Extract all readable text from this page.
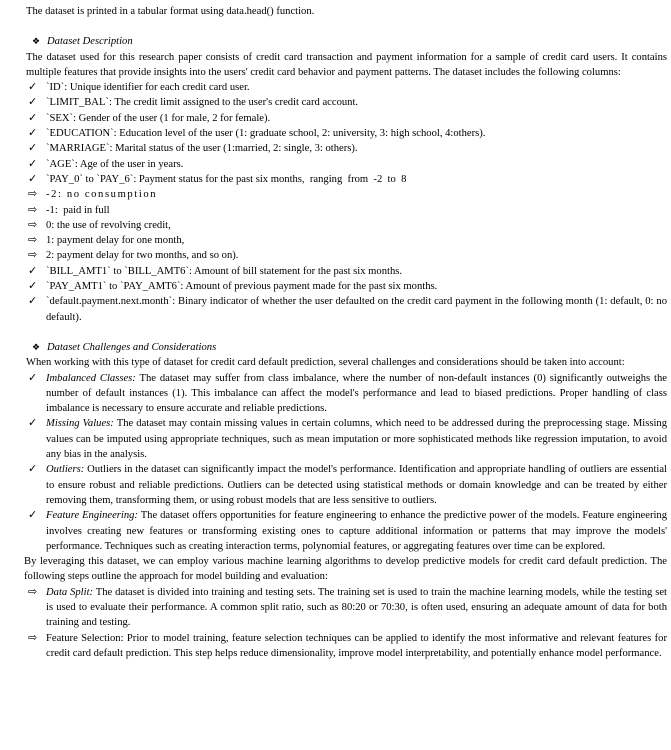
The dataset is printed in a tabular format using data.head() function.

❖ Dataset Description

The dataset used for this research paper consists of credit card transaction and payment information for a sample of credit card users. It contains multiple features that provide insights into the users' credit card behavior and payment patterns. The dataset includes the following columns:

✓ `ID`: Unique identifier for each credit card user.
✓ `LIMIT_BAL`: The credit limit assigned to the user's credit card account.
✓ `SEX`: Gender of the user (1 for male, 2 for female).
✓ `EDUCATION`: Education level of the user (1: graduate school, 2: university, 3: high school, 4:others).
✓ `MARRIAGE`: Marital status of the user (1:married, 2: single, 3: others).
✓ `AGE`: Age of the user in years.
✓ `PAY_0` to `PAY_6`: Payment status for the past six months,  ranging  from  -2  to  8
⇨ -2: no consumption
⇨ -1:  paid in full
⇨ 0: the use of revolving credit,
⇨ 1: payment delay for one month,
⇨ 2: payment delay for two months, and so on).
✓ `BILL_AMT1` to `BILL_AMT6`: Amount of bill statement for the past six months.
✓ `PAY_AMT1` to `PAY_AMT6`: Amount of previous payment made for the past six months.
✓ `default.payment.next.month`: Binary indicator of whether the user defaulted on the credit card payment in the following month (1: default, 0: no default).
❖ Dataset Challenges and Considerations

When working with this type of dataset for credit card default prediction, several challenges and considerations should be taken into account:

✓ Imbalanced Classes: The dataset may suffer from class imbalance, where the number of non-default instances (0) significantly outweighs the number of default instances (1). This imbalance can affect the model's performance and lead to biased predictions. Proper handling of class imbalance is necessary to ensure accurate and reliable predictions.
✓ Missing Values: The dataset may contain missing values in certain columns, which need to be addressed during the preprocessing stage. Missing values can be imputed using appropriate techniques, such as mean imputation or more sophisticated methods like regression imputation, to avoid any bias in the analysis.
✓ Outliers: Outliers in the dataset can significantly impact the model's performance. Identification and appropriate handling of outliers are essential to ensure robust and reliable predictions. Outliers can be detected using statistical methods or domain knowledge and can be treated by either removing them, transforming them, or using robust models that are less sensitive to outliers.
✓ Feature Engineering: The dataset offers opportunities for feature engineering to enhance the predictive power of the models. Feature engineering involves creating new features or transforming existing ones to capture additional information or patterns that may improve the models' performance. Techniques such as creating interaction terms, polynomial features, or aggregating features over time can be explored.

By leveraging this dataset, we can employ various machine learning algorithms to develop predictive models for credit card default prediction. The following steps outline the approach for model building and evaluation:

⇨ Data Split: The dataset is divided into training and testing sets. The training set is used to train the machine learning models, while the testing set is used to evaluate their performance. A common split ratio, such as 80:20 or 70:30, is often used, ensuring an adequate amount of data for both training and testing.
⇨ Feature Selection: Prior to model training, feature selection techniques can be applied to identify the most informative and relevant features for credit card default prediction. This step helps reduce dimensionality, improve model interpretability, and potentially enhance model performance.
